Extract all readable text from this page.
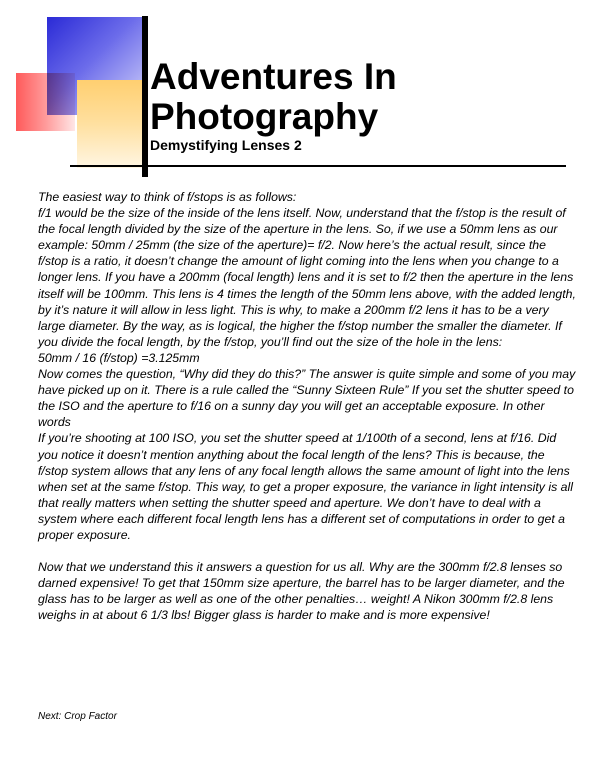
Adventures In
Photography
Demystifying Lenses 2

The easiest way to think of f/stops is as follows:

f/1 would be the size of the inside of the lens itself. Now, understand that the f/stop is the result of the focal length divided by the size of the aperture in the lens. So, if we use a 50mm lens as our example: 50mm / 25mm (the size of the aperture)= f/2. Now here’s the actual result, since the f/stop is a ratio, it doesn’t change the amount of light coming into the lens when you change to a longer lens. If you have a 200mm (focal length) lens and it is set to f/2 then the aperture in the lens itself will be 100mm. This lens is 4 times the length of the 50mm lens above, with the added length, by it’s nature it will allow in less light. This is why, to make a 200mm f/2 lens it has to be a very large diameter. By the way, as is logical, the higher the f/stop number the smaller the diameter. If you divide the focal length, by the f/stop, you’ll find out the size of the hole in the lens:

50mm / 16 (f/stop) =3.125mm

Now comes the question, “Why did they do this?” The answer is quite simple and some of you may have picked up on it. There is a rule called the “Sunny Sixteen Rule” If you set the shutter speed to the ISO and the aperture to f/16 on a sunny day you will get an acceptable exposure. In other words

If you’re shooting at 100 ISO, you set the shutter speed at 1/100th of a second, lens at f/16. Did you notice it doesn’t mention anything about the focal length of the lens? This is because, the f/stop system allows that any lens of any focal length allows the same amount of light into the lens when set at the same f/stop. This way, to get a proper exposure, the variance in light intensity is all that really matters when setting the shutter speed and aperture. We don’t have to deal with a system where each different focal length lens has a different set of computations in order to get a proper exposure.

Now that we understand this it answers a question for us all. Why are the 300mm f/2.8 lenses so darned expensive! To get that 150mm size aperture, the barrel has to be larger diameter, and the glass has to be larger as well as one of the other penalties… weight! A Nikon 300mm f/2.8 lens weighs in at about 6 1/3 lbs! Bigger glass is harder to make and is more expensive!

Next: Crop Factor
